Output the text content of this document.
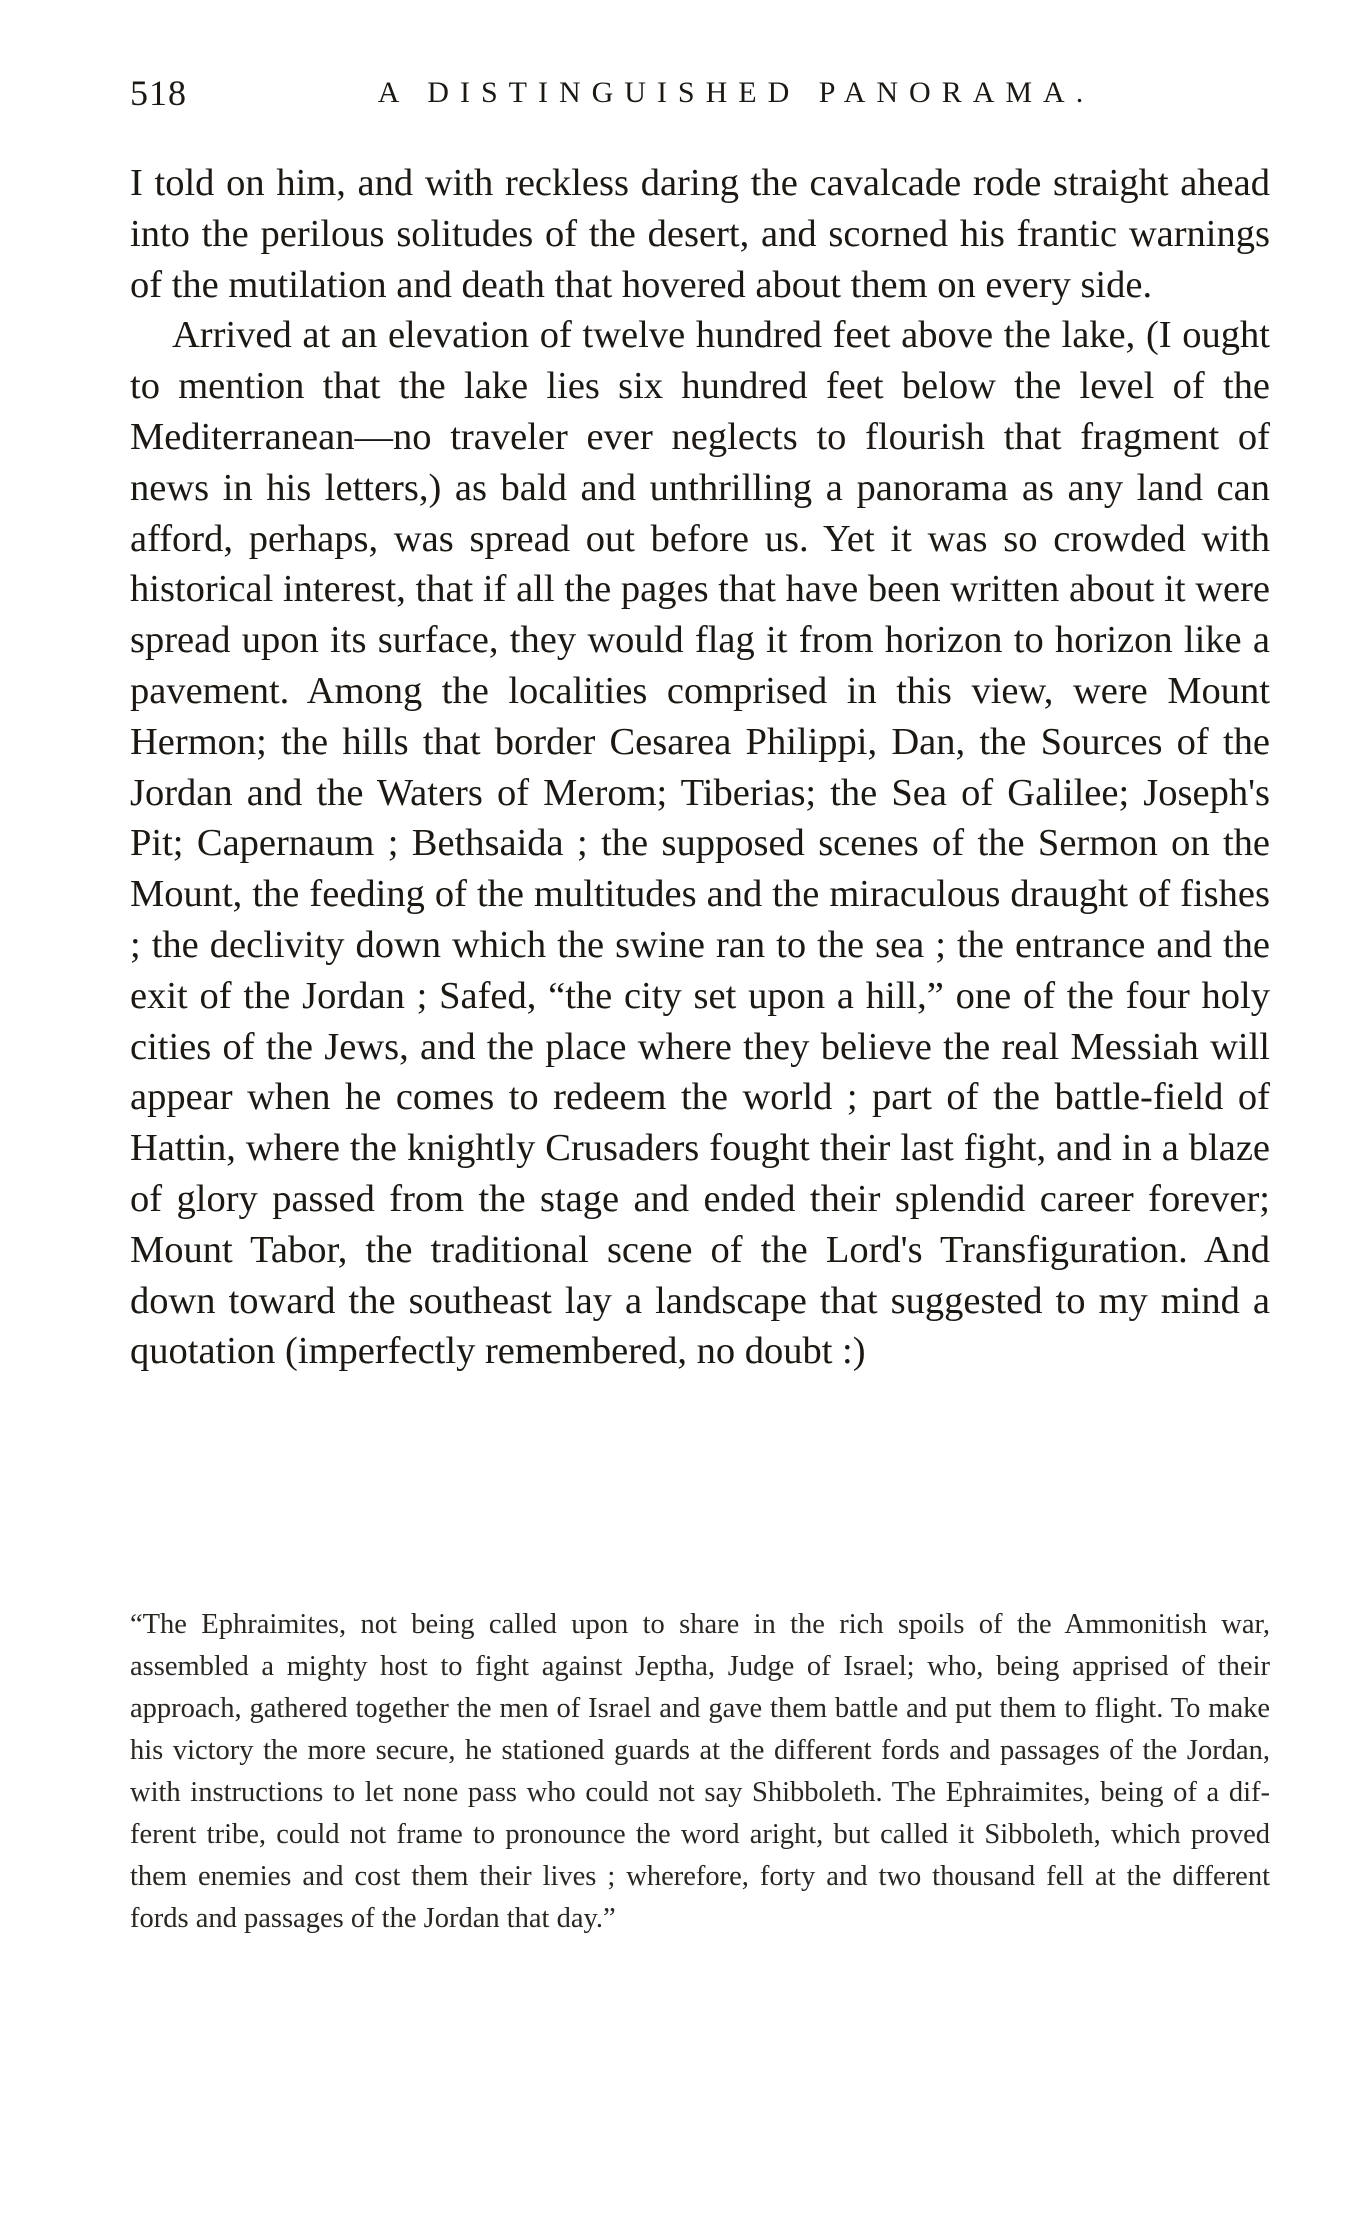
518	A DISTINGUISHED PANORAMA.

I told on him, and with reckless daring the cavalcade rode straight ahead into the perilous solitudes of the desert, and scorned his frantic warnings of the mutilation and death that hovered about them on every side.

Arrived at an elevation of twelve hundred feet above the lake, (I ought to mention that the lake lies six hundred feet below the level of the Mediterranean—no traveler ever neglects to flourish that fragment of news in his letters,) as bald and unthrilling a panorama as any land can afford, perhaps, was spread out before us. Yet it was so crowded with historical interest, that if all the pages that have been written about it were spread upon its surface, they would flag it from horizon to horizon like a pavement. Among the localities comprised in this view, were Mount Hermon; the hills that border Cesarea Philippi, Dan, the Sources of the Jordan and the Waters of Merom; Tiberias; the Sea of Galilee; Joseph's Pit; Capernaum ; Bethsaida ; the supposed scenes of the Sermon on the Mount, the feeding of the multitudes and the miraculous draught of fishes ; the declivity down which the swine ran to the sea ; the entrance and the exit of the Jordan ; Safed, “the city set upon a hill,” one of the four holy cities of the Jews, and the place where they believe the real Messiah will appear when he comes to redeem the world ; part of the battle-field of Hattin, where the knightly Crusaders fought their last fight, and in a blaze of glory passed from the stage and ended their splendid career forever; Mount Tabor, the traditional scene of the Lord's Transfiguration. And down toward the southeast lay a landscape that suggested to my mind a quotation (imperfectly remembered, no doubt :)

“The Ephraimites, not being called upon to share in the rich spoils of the Ammonitish war, assembled a mighty host to fight against Jeptha, Judge of Israel; who, being apprised of their approach, gathered together the men of Israel and gave them battle and put them to flight. To make his victory the more secure, he stationed guards at the different fords and passages of the Jordan, with instructions to let none pass who could not say Shibboleth. The Ephraimites, being of a different tribe, could not frame to pronounce the word aright, but called it Sibboleth, which proved them enemies and cost them their lives ; wherefore, forty and two thousand fell at the different fords and passages of the Jordan that day.”
